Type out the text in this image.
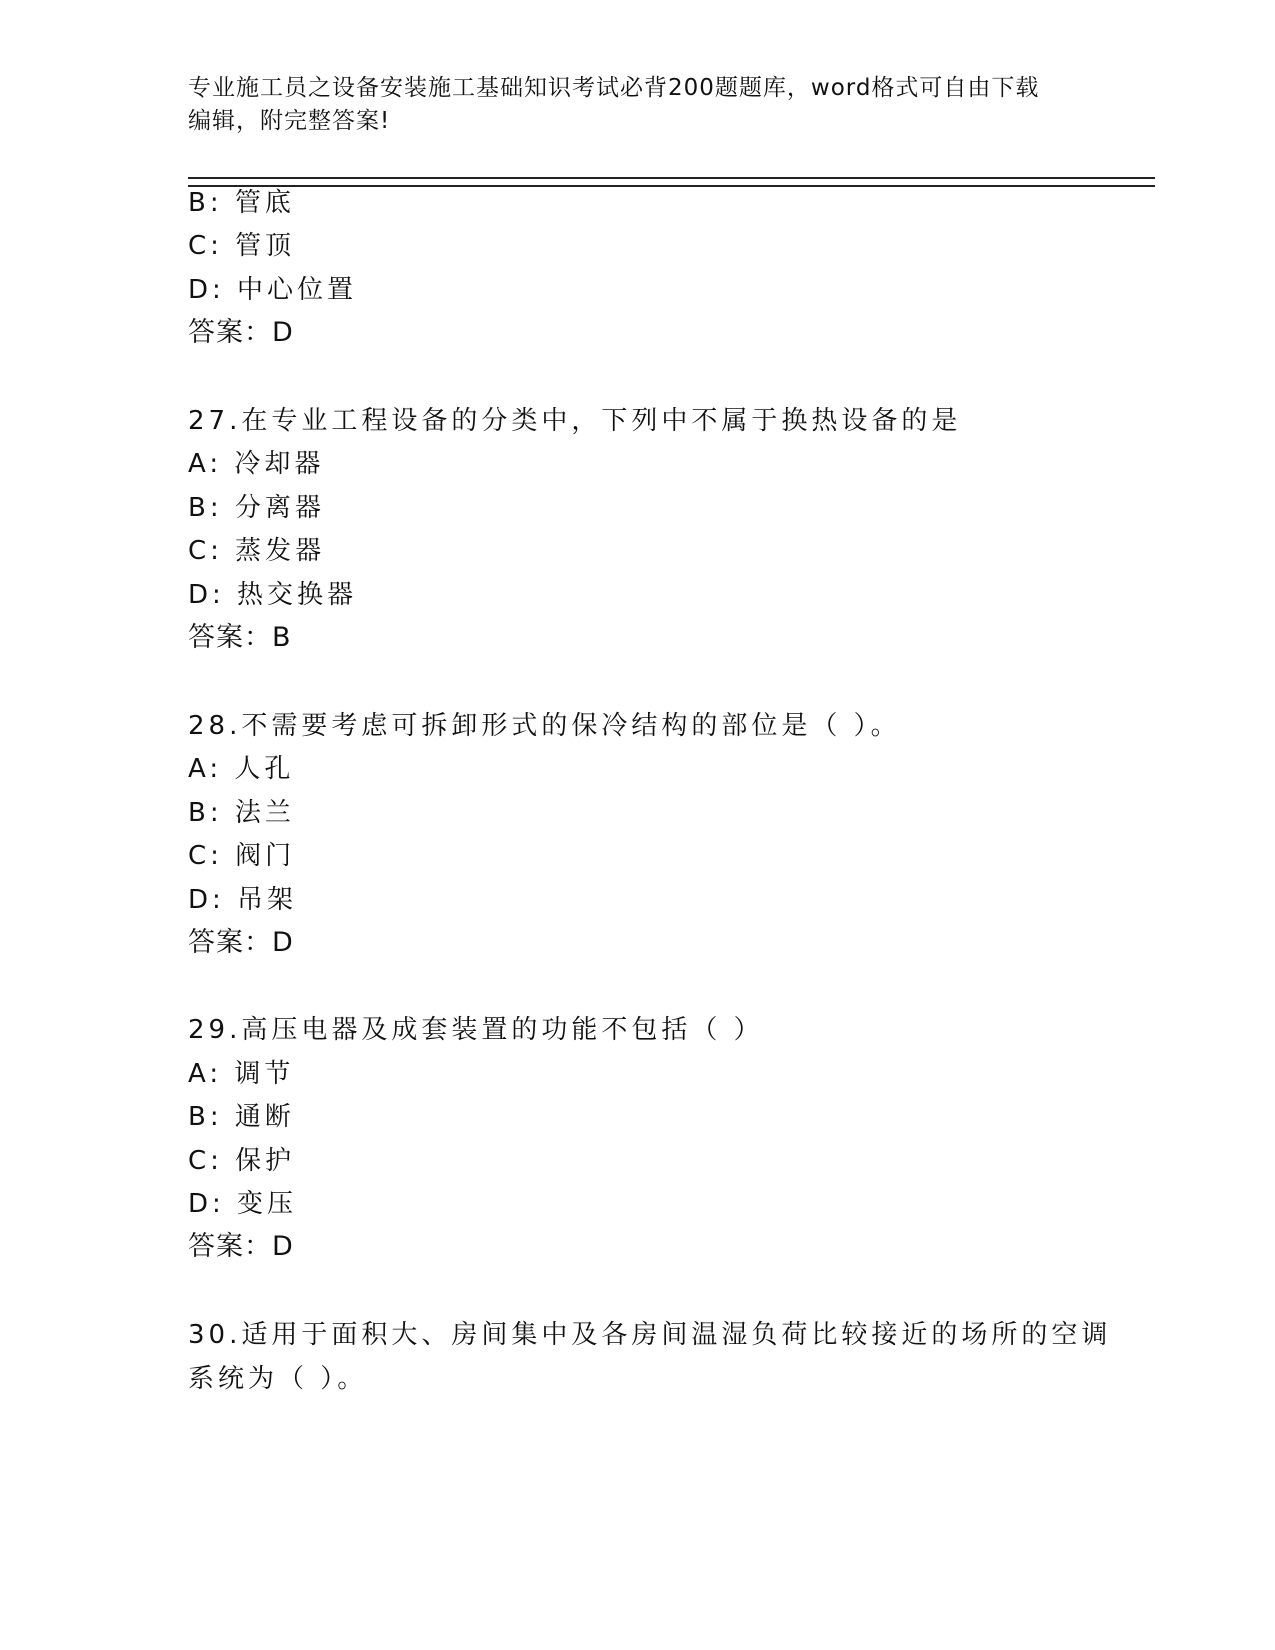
专业施工员之设备安装施工基础知识考试必背200题题库，word格式可自由下载
编辑，附完整答案!
B: 管底
C: 管顶
D: 中心位置
答案：D
27.在专业工程设备的分类中，下列中不属于换热设备的是
A: 冷却器
B: 分离器
C: 蒸发器
D: 热交换器
答案：B
28.不需要考虑可拆卸形式的保冷结构的部位是（ ）。
A: 人孔
B: 法兰
C: 阀门
D: 吊架
答案：D
29.高压电器及成套装置的功能不包括（ ）
A: 调节
B: 通断
C: 保护
D: 变压
答案：D
30.适用于面积大、房间集中及各房间温湿负荷比较接近的场所的空调
系统为（ ）。
